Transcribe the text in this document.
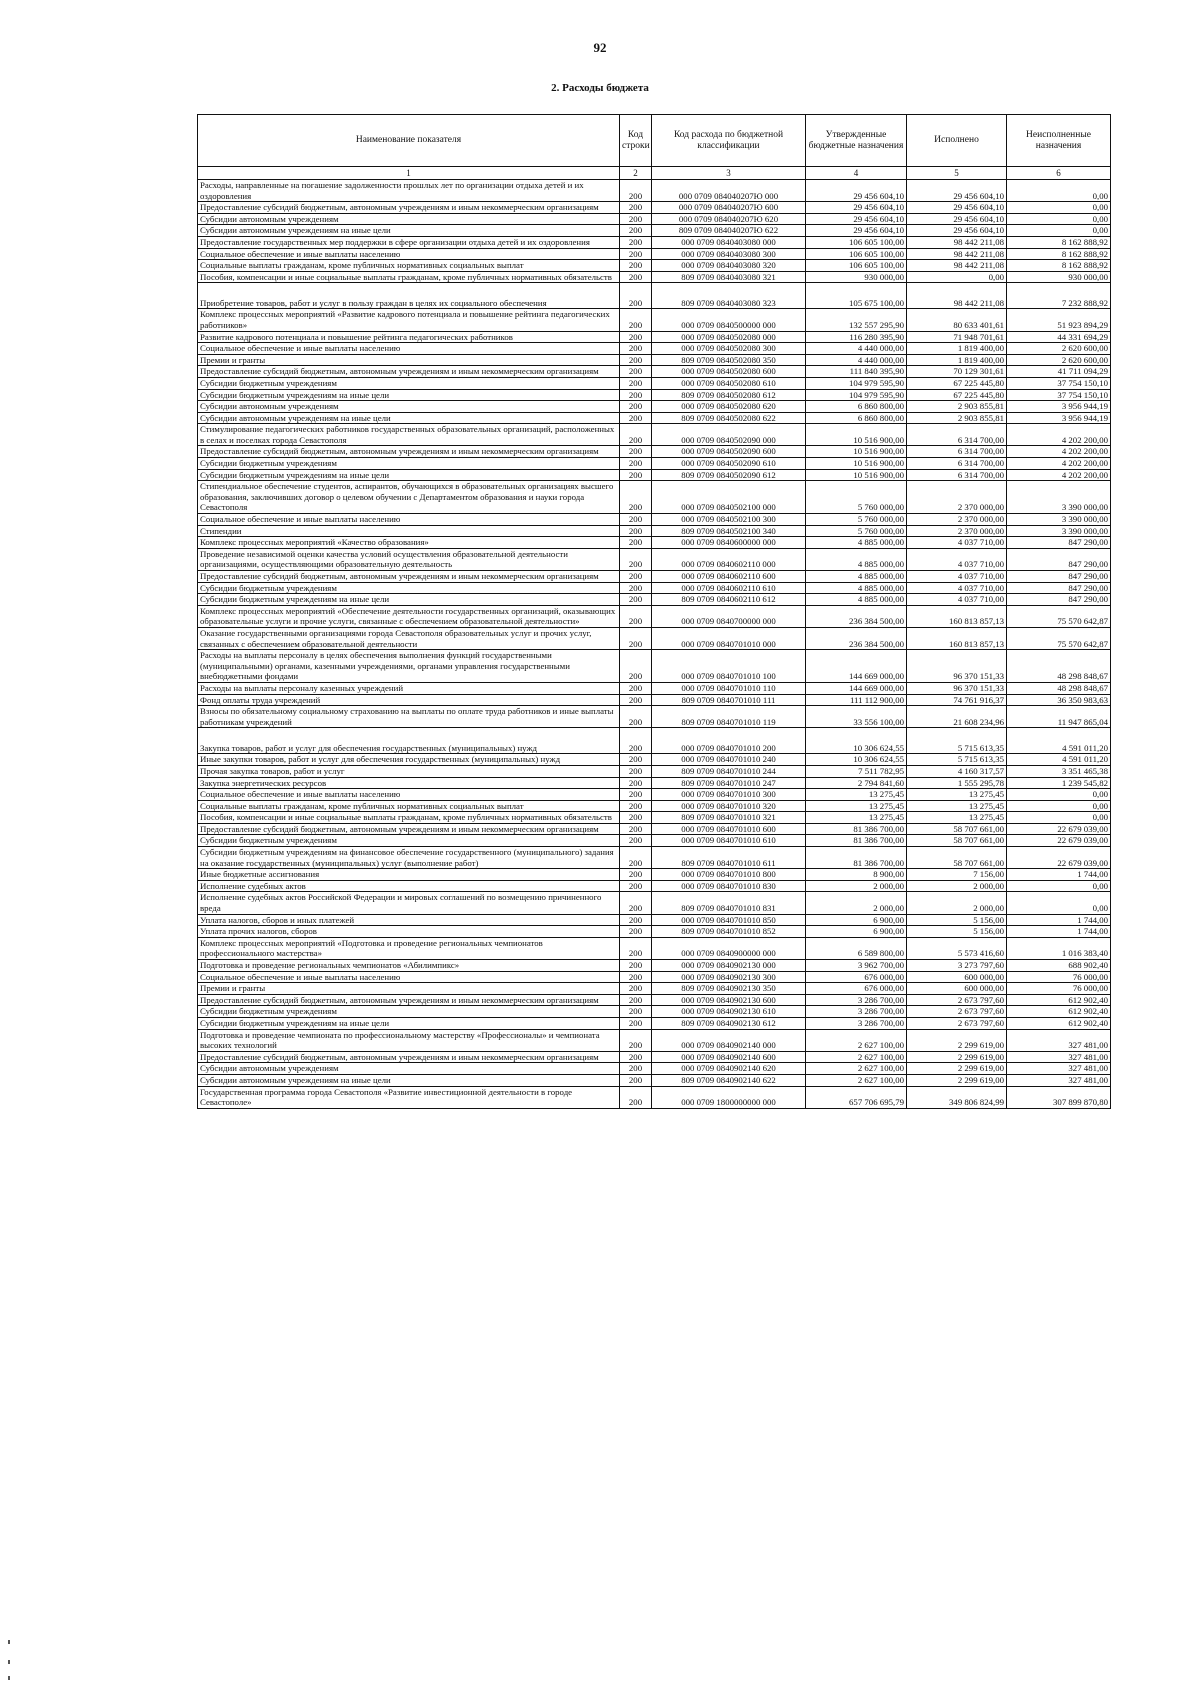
92
2. Расходы бюджета
Наименование показателя	Код строки	Код расхода по бюджетной классификации	Утвержденные бюджетные назначения	Исполнено	Неисполненные назначения
1	2	3	4	5	6
Расходы, направленные на погашение задолженности прошлых лет по организации отдыха детей и их оздоровления	200	000 0709 084040207Ю 000	29 456 604,10	29 456 604,10	0,00
Предоставление субсидий бюджетным, автономным учреждениям и иным некоммерческим организациям	200	000 0709 084040207Ю 600	29 456 604,10	29 456 604,10	0,00
Субсидии автономным учреждениям	200	000 0709 084040207Ю 620	29 456 604,10	29 456 604,10	0,00
Субсидии автономным учреждениям на иные цели	200	809 0709 084040207Ю 622	29 456 604,10	29 456 604,10	0,00
Предоставление государственных мер поддержки в сфере организации отдыха детей и их оздоровления	200	000 0709 0840403080 000	106 605 100,00	98 442 211,08	8 162 888,92
Социальное обеспечение и иные выплаты населению	200	000 0709 0840403080 300	106 605 100,00	98 442 211,08	8 162 888,92
Социальные выплаты гражданам, кроме публичных нормативных социальных выплат	200	000 0709 0840403080 320	106 605 100,00	98 442 211,08	8 162 888,92
Пособия, компенсации и иные социальные выплаты гражданам, кроме публичных нормативных обязательств	200	809 0709 0840403080 321	930 000,00	0,00	930 000,00
Приобретение товаров, работ и услуг в пользу граждан в целях их социального обеспечения	200	809 0709 0840403080 323	105 675 100,00	98 442 211,08	7 232 888,92
Комплекс процессных мероприятий «Развитие кадрового потенциала и повышение рейтинга педагогических работников»	200	000 0709 0840500000 000	132 557 295,90	80 633 401,61	51 923 894,29
Развитие кадрового потенциала и повышение рейтинга педагогических работников	200	000 0709 0840502080 000	116 280 395,90	71 948 701,61	44 331 694,29
Социальное обеспечение и иные выплаты населению	200	000 0709 0840502080 300	4 440 000,00	1 819 400,00	2 620 600,00
Премии и гранты	200	809 0709 0840502080 350	4 440 000,00	1 819 400,00	2 620 600,00
Предоставление субсидий бюджетным, автономным учреждениям и иным некоммерческим организациям	200	000 0709 0840502080 600	111 840 395,90	70 129 301,61	41 711 094,29
Субсидии бюджетным учреждениям	200	000 0709 0840502080 610	104 979 595,90	67 225 445,80	37 754 150,10
Субсидии бюджетным учреждениям на иные цели	200	809 0709 0840502080 612	104 979 595,90	67 225 445,80	37 754 150,10
Субсидии автономным учреждениям	200	000 0709 0840502080 620	6 860 800,00	2 903 855,81	3 956 944,19
Субсидии автономным учреждениям на иные цели	200	809 0709 0840502080 622	6 860 800,00	2 903 855,81	3 956 944,19
Стимулирование педагогических работников государственных образовательных организаций, расположенных в селах и поселках города Севастополя	200	000 0709 0840502090 000	10 516 900,00	6 314 700,00	4 202 200,00
Предоставление субсидий бюджетным, автономным учреждениям и иным некоммерческим организациям	200	000 0709 0840502090 600	10 516 900,00	6 314 700,00	4 202 200,00
Субсидии бюджетным учреждениям	200	000 0709 0840502090 610	10 516 900,00	6 314 700,00	4 202 200,00
Субсидии бюджетным учреждениям на иные цели	200	809 0709 0840502090 612	10 516 900,00	6 314 700,00	4 202 200,00
Стипендиальное обеспечение студентов, аспирантов, обучающихся в образовательных организациях высшего образования, заключивших договор о целевом обучении с Департаментом образования и науки города Севастополя	200	000 0709 0840502100 000	5 760 000,00	2 370 000,00	3 390 000,00
Социальное обеспечение и иные выплаты населению	200	000 0709 0840502100 300	5 760 000,00	2 370 000,00	3 390 000,00
Стипендии	200	809 0709 0840502100 340	5 760 000,00	2 370 000,00	3 390 000,00
Комплекс процессных мероприятий «Качество образования»	200	000 0709 0840600000 000	4 885 000,00	4 037 710,00	847 290,00
Проведение независимой оценки качества условий осуществления образовательной деятельности организациями, осуществляющими образовательную деятельность	200	000 0709 0840602110 000	4 885 000,00	4 037 710,00	847 290,00
Предоставление субсидий бюджетным, автономным учреждениям и иным некоммерческим организациям	200	000 0709 0840602110 600	4 885 000,00	4 037 710,00	847 290,00
Субсидии бюджетным учреждениям	200	000 0709 0840602110 610	4 885 000,00	4 037 710,00	847 290,00
Субсидии бюджетным учреждениям на иные цели	200	809 0709 0840602110 612	4 885 000,00	4 037 710,00	847 290,00
Комплекс процессных мероприятий «Обеспечение деятельности государственных организаций, оказывающих образовательные услуги и прочие услуги, связанные с обеспечением образовательной деятельности»	200	000 0709 0840700000 000	236 384 500,00	160 813 857,13	75 570 642,87
Оказание государственными организациями города Севастополя образовательных услуг и прочих услуг, связанных с обеспечением образовательной деятельности	200	000 0709 0840701010 000	236 384 500,00	160 813 857,13	75 570 642,87
Расходы на выплаты персоналу в целях обеспечения выполнения функций государственными (муниципальными) органами, казенными учреждениями, органами управления государственными внебюджетными фондами	200	000 0709 0840701010 100	144 669 000,00	96 370 151,33	48 298 848,67
Расходы на выплаты персоналу казенных учреждений	200	000 0709 0840701010 110	144 669 000,00	96 370 151,33	48 298 848,67
Фонд оплаты труда учреждений	200	809 0709 0840701010 111	111 112 900,00	74 761 916,37	36 350 983,63
Взносы по обязательному социальному страхованию на выплаты по оплате труда работников и иные выплаты работникам учреждений	200	809 0709 0840701010 119	33 556 100,00	21 608 234,96	11 947 865,04
Закупка товаров, работ и услуг для обеспечения государственных (муниципальных) нужд	200	000 0709 0840701010 200	10 306 624,55	5 715 613,35	4 591 011,20
Иные закупки товаров, работ и услуг для обеспечения государственных (муниципальных) нужд	200	000 0709 0840701010 240	10 306 624,55	5 715 613,35	4 591 011,20
Прочая закупка товаров, работ и услуг	200	809 0709 0840701010 244	7 511 782,95	4 160 317,57	3 351 465,38
Закупка энергетических ресурсов	200	809 0709 0840701010 247	2 794 841,60	1 555 295,78	1 239 545,82
Социальное обеспечение и иные выплаты населению	200	000 0709 0840701010 300	13 275,45	13 275,45	0,00
Социальные выплаты гражданам, кроме публичных нормативных социальных выплат	200	000 0709 0840701010 320	13 275,45	13 275,45	0,00
Пособия, компенсации и иные социальные выплаты гражданам, кроме публичных нормативных обязательств	200	809 0709 0840701010 321	13 275,45	13 275,45	0,00
Предоставление субсидий бюджетным, автономным учреждениям и иным некоммерческим организациям	200	000 0709 0840701010 600	81 386 700,00	58 707 661,00	22 679 039,00
Субсидии бюджетным учреждениям	200	000 0709 0840701010 610	81 386 700,00	58 707 661,00	22 679 039,00
Субсидии бюджетным учреждениям на финансовое обеспечение государственного (муниципального) задания на оказание государственных (муниципальных) услуг (выполнение работ)	200	809 0709 0840701010 611	81 386 700,00	58 707 661,00	22 679 039,00
Иные бюджетные ассигнования	200	000 0709 0840701010 800	8 900,00	7 156,00	1 744,00
Исполнение судебных актов	200	000 0709 0840701010 830	2 000,00	2 000,00	0,00
Исполнение судебных актов Российской Федерации и мировых соглашений по возмещению причиненного вреда	200	809 0709 0840701010 831	2 000,00	2 000,00	0,00
Уплата налогов, сборов и иных платежей	200	000 0709 0840701010 850	6 900,00	5 156,00	1 744,00
Уплата прочих налогов, сборов	200	809 0709 0840701010 852	6 900,00	5 156,00	1 744,00
Комплекс процессных мероприятий «Подготовка и проведение региональных чемпионатов профессионального мастерства»	200	000 0709 0840900000 000	6 589 800,00	5 573 416,60	1 016 383,40
Подготовка и проведение региональных чемпионатов «Абилимпикс»	200	000 0709 0840902130 000	3 962 700,00	3 273 797,60	688 902,40
Социальное обеспечение и иные выплаты населению	200	000 0709 0840902130 300	676 000,00	600 000,00	76 000,00
Премии и гранты	200	809 0709 0840902130 350	676 000,00	600 000,00	76 000,00
Предоставление субсидий бюджетным, автономным учреждениям и иным некоммерческим организациям	200	000 0709 0840902130 600	3 286 700,00	2 673 797,60	612 902,40
Субсидии бюджетным учреждениям	200	000 0709 0840902130 610	3 286 700,00	2 673 797,60	612 902,40
Субсидии бюджетным учреждениям на иные цели	200	809 0709 0840902130 612	3 286 700,00	2 673 797,60	612 902,40
Подготовка и проведение чемпионата по профессиональному мастерству «Профессионалы» и чемпионата высоких технологий	200	000 0709 0840902140 000	2 627 100,00	2 299 619,00	327 481,00
Предоставление субсидий бюджетным, автономным учреждениям и иным некоммерческим организациям	200	000 0709 0840902140 600	2 627 100,00	2 299 619,00	327 481,00
Субсидии автономным учреждениям	200	000 0709 0840902140 620	2 627 100,00	2 299 619,00	327 481,00
Субсидии автономным учреждениям на иные цели	200	809 0709 0840902140 622	2 627 100,00	2 299 619,00	327 481,00
Государственная программа города Севастополя «Развитие инвестиционной деятельности в городе Севастополе»	200	000 0709 1800000000 000	657 706 695,79	349 806 824,99	307 899 870,80
